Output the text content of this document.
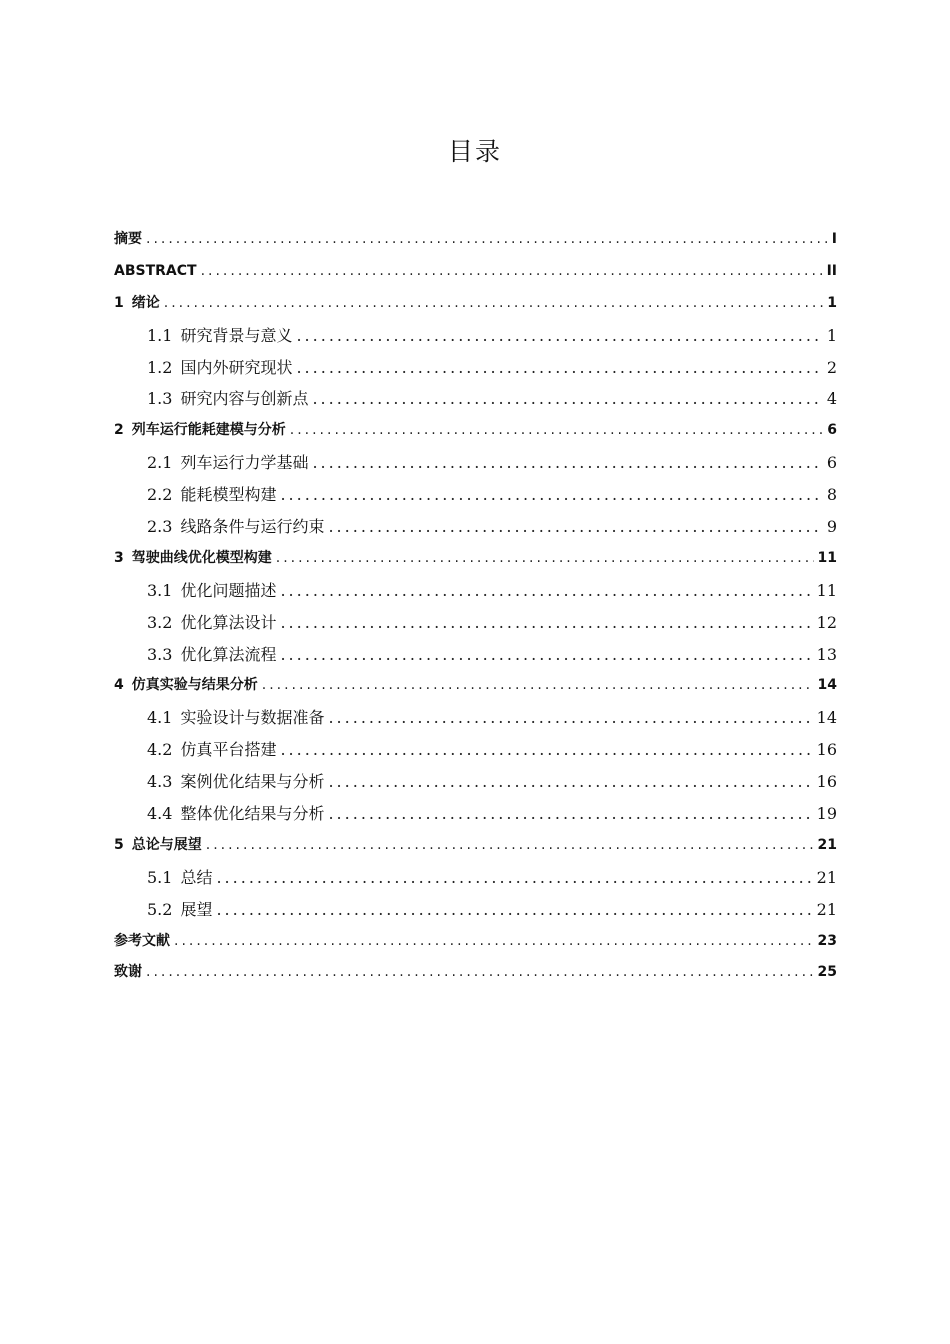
目录
摘要 .....	I
ABSTRACT .....	II
1 绪论 .....	1
1.1 研究背景与意义 .....	1
1.2 国内外研究现状 .....	2
1.3 研究内容与创新点 .....	4
2 列车运行能耗建模与分析 .....	6
2.1 列车运行力学基础 .....	6
2.2 能耗模型构建 .....	8
2.3 线路条件与运行约束 .....	9
3 驾驶曲线优化模型构建 .....	11
3.1 优化问题描述 .....	11
3.2 优化算法设计 .....	12
3.3 优化算法流程 .....	13
4 仿真实验与结果分析 .....	14
4.1 实验设计与数据准备 .....	14
4.2 仿真平台搭建 .....	16
4.3 案例优化结果与分析 .....	16
4.4 整体优化结果与分析 .....	19
5 总论与展望 .....	21
5.1 总结 .....	21
5.2 展望 .....	21
参考文献 .....	23
致谢 .....	25
